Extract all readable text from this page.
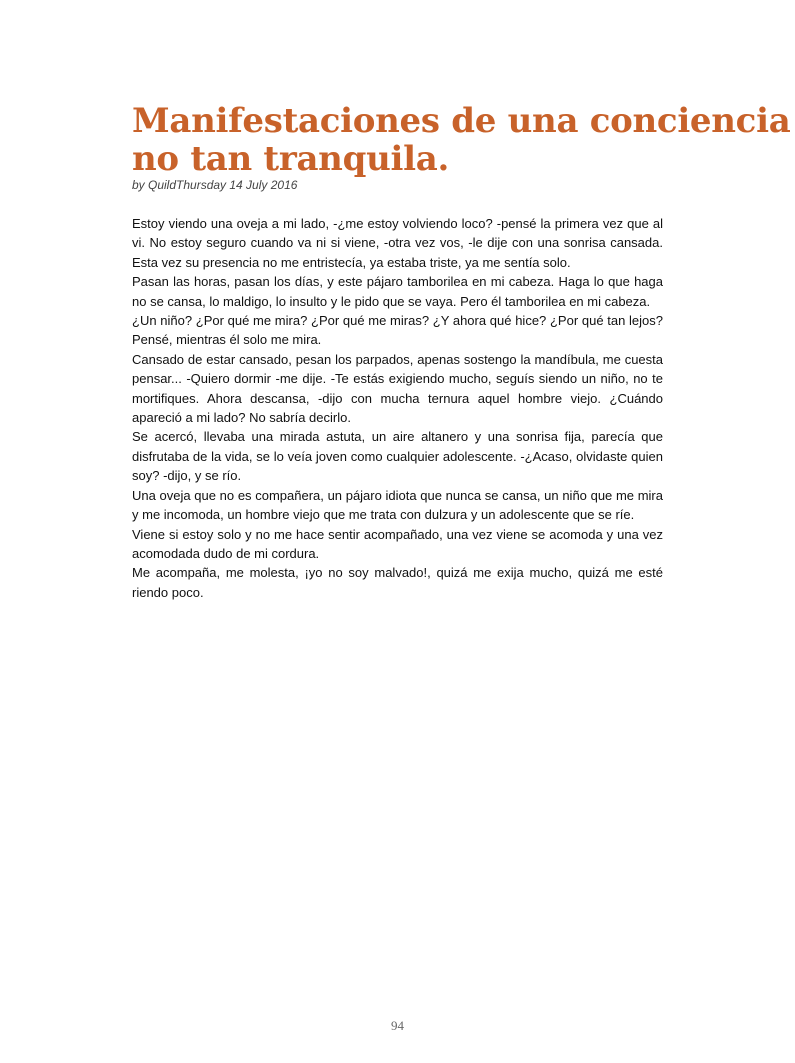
Manifestaciones de una conciencia
no tan tranquila.

by QuildThursday 14 July 2016

Estoy viendo una oveja a mi lado, -¿me estoy volviendo loco? -pensé la primera vez que al vi. No estoy seguro cuando va ni si viene, -otra vez vos, -le dije con una sonrisa cansada. Esta vez su presencia no me entristecía, ya estaba triste, ya me sentía solo.

Pasan las horas, pasan los días, y este pájaro tamborilea en mi cabeza. Haga lo que haga no se cansa, lo maldigo, lo insulto y le pido que se vaya. Pero él tamborilea en mi cabeza.

¿Un niño? ¿Por qué me mira? ¿Por qué me miras? ¿Y ahora qué hice? ¿Por qué tan lejos? Pensé, mientras él solo me mira.

Cansado de estar cansado, pesan los parpados, apenas sostengo la mandíbula, me cuesta pensar... -Quiero dormir -me dije. -Te estás exigiendo mucho, seguís siendo un niño, no te mortifiques. Ahora descansa, -dijo con mucha ternura aquel hombre viejo. ¿Cuándo apareció a mi lado? No sabría decirlo.

Se acercó, llevaba una mirada astuta, un aire altanero y una sonrisa fija, parecía que disfrutaba de la vida, se lo veía joven como cualquier adolescente. -¿Acaso, olvidaste quien soy? -dijo, y se río.

Una oveja que no es compañera, un pájaro idiota que nunca se cansa, un niño que me mira y me incomoda, un hombre viejo que me trata con dulzura y un adolescente que se ríe.

Viene si estoy solo y no me hace sentir acompañado, una vez viene se acomoda y una vez acomodada dudo de mi cordura.

Me acompaña, me molesta, ¡yo no soy malvado!, quizá me exija mucho, quizá me esté riendo poco.

94
